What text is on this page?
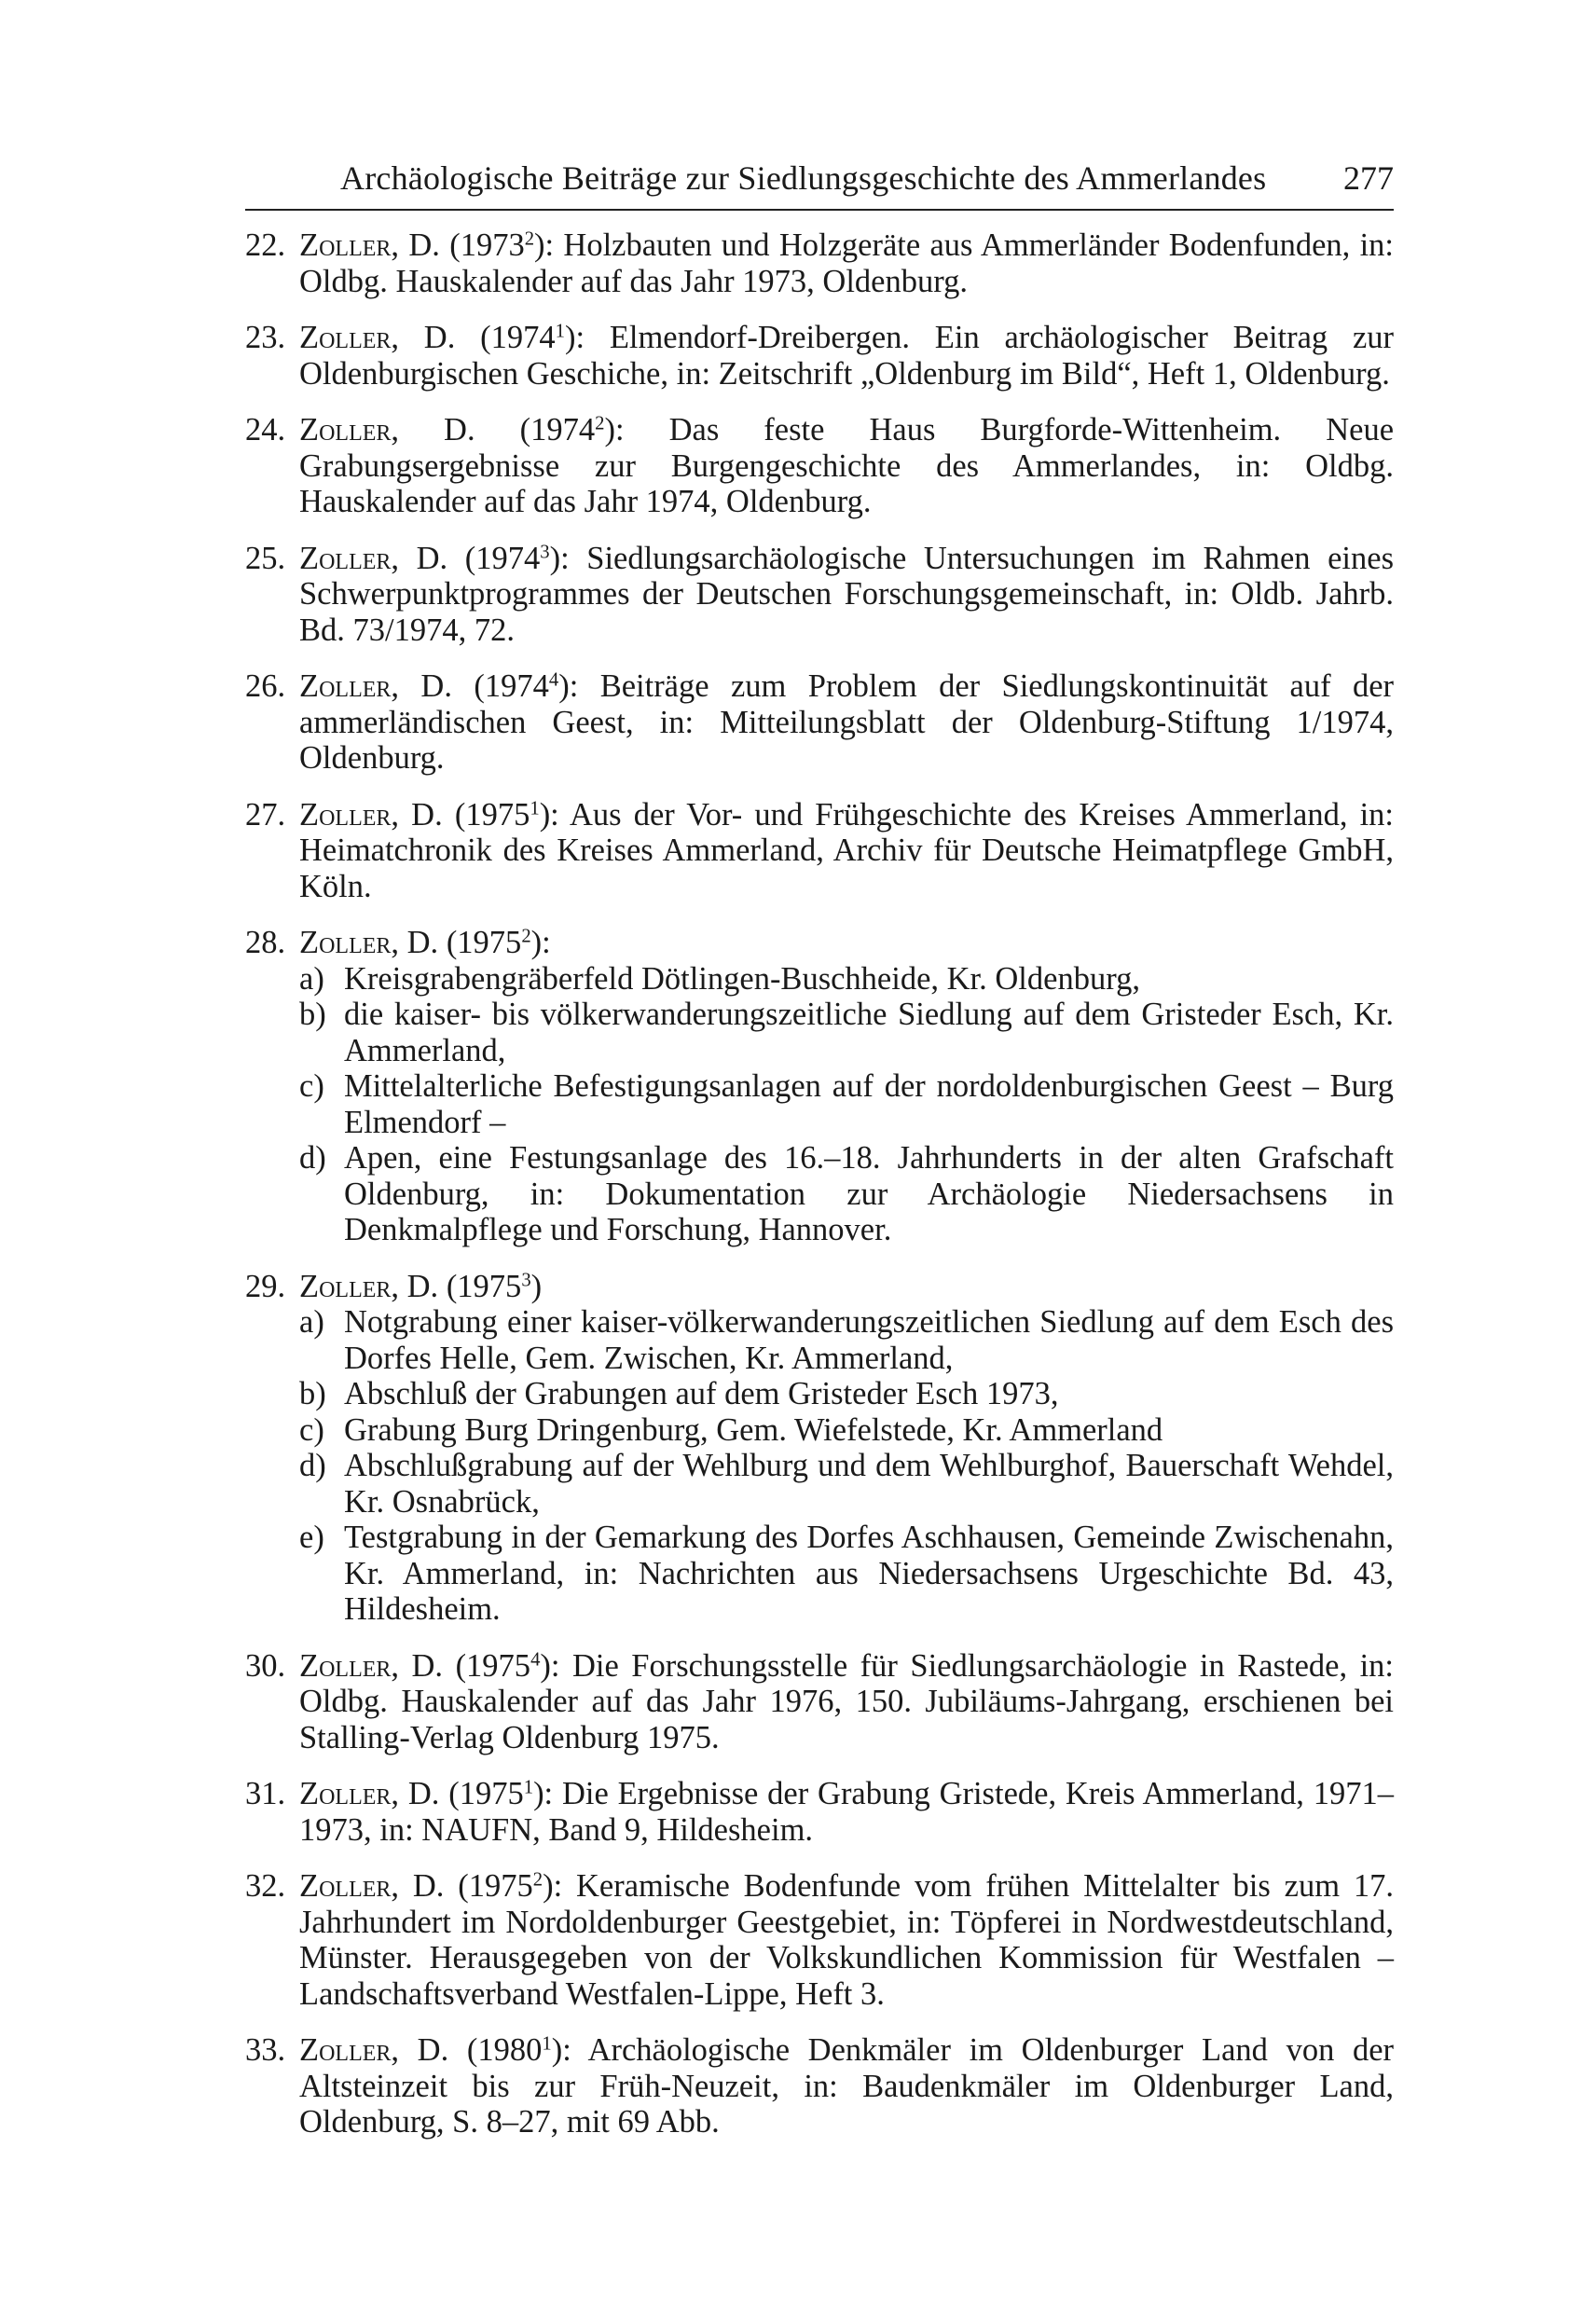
Archäologische Beiträge zur Siedlungsgeschichte des Ammerlandes 277
22. Zoller, D. (1973$^2$): Holzbauten und Holzgeräte aus Ammerländer Bodenfunden, in: Oldbg. Hauskalender auf das Jahr 1973, Oldenburg.
23. Zoller, D. (1974$^1$): Elmendorf-Dreibergen. Ein archäologischer Beitrag zur Oldenburgischen Geschiche, in: Zeitschrift „Oldenburg im Bild“, Heft 1, Oldenburg.
24. Zoller, D. (1974$^2$): Das feste Haus Burgforde-Wittenheim. Neue Grabungsergebnisse zur Burgengeschichte des Ammerlandes, in: Oldbg. Hauskalender auf das Jahr 1974, Oldenburg.
25. Zoller, D. (1974$^3$): Siedlungsarchäologische Untersuchungen im Rahmen eines Schwerpunktprogrammes der Deutschen Forschungsgemeinschaft, in: Oldb. Jahrb. Bd. 73/1974, 72.
26. Zoller, D. (1974$^4$): Beiträge zum Problem der Siedlungskontinuität auf der ammerländischen Geest, in: Mitteilungsblatt der Oldenburg-Stiftung 1/1974, Oldenburg.
27. Zoller, D. (1975$^1$): Aus der Vor- und Frühgeschichte des Kreises Ammerland, in: Heimatchronik des Kreises Ammerland, Archiv für Deutsche Heimatpflege GmbH, Köln.
28. Zoller, D. (1975$^2$):
a) Kreisgrabengräberfeld Dötlingen-Buschheide, Kr. Oldenburg,
b) die kaiser- bis völkerwanderungszeitliche Siedlung auf dem Gristeder Esch, Kr. Ammerland,
c) Mittelalterliche Befestigungsanlagen auf der nordoldenburgischen Geest – Burg Elmendorf –
d) Apen, eine Festungsanlage des 16.–18. Jahrhunderts in der alten Grafschaft Oldenburg, in: Dokumentation zur Archäologie Niedersachsens in Denkmalpflege und Forschung, Hannover.
29. Zoller, D. (1975$^3$)
a) Notgrabung einer kaiser-völkerwanderungszeitlichen Siedlung auf dem Esch des Dorfes Helle, Gem. Zwischen, Kr. Ammerland,
b) Abschluß der Grabungen auf dem Gristeder Esch 1973,
c) Grabung Burg Dringenburg, Gem. Wiefelstede, Kr. Ammerland
d) Abschlußgrabung auf der Wehlburg und dem Wehlburghof, Bauerschaft Wehdel, Kr. Osnabrück,
e) Testgrabung in der Gemarkung des Dorfes Aschhausen, Gemeinde Zwischenahn, Kr. Ammerland, in: Nachrichten aus Niedersachsens Urgeschichte Bd. 43, Hildesheim.
30. Zoller, D. (1975$^4$): Die Forschungsstelle für Siedlungsarchäologie in Rastede, in: Oldbg. Hauskalender auf das Jahr 1976, 150. Jubiläums-Jahrgang, erschienen bei Stalling-Verlag Oldenburg 1975.
31. Zoller, D. (1975$^1$): Die Ergebnisse der Grabung Gristede, Kreis Ammerland, 1971–1973, in: NAUFN, Band 9, Hildesheim.
32. Zoller, D. (1975$^2$): Keramische Bodenfunde vom frühen Mittelalter bis zum 17. Jahrhundert im Nordoldenburger Geestgebiet, in: Töpferei in Nordwestdeutschland, Münster. Herausgegeben von der Volkskundlichen Kommission für Westfalen – Landschaftsverband Westfalen-Lippe, Heft 3.
33. Zoller, D. (1980$^1$): Archäologische Denkmäler im Oldenburger Land von der Altsteinzeit bis zur Früh-Neuzeit, in: Baudenkmäler im Oldenburger Land, Oldenburg, S. 8–27, mit 69 Abb.
